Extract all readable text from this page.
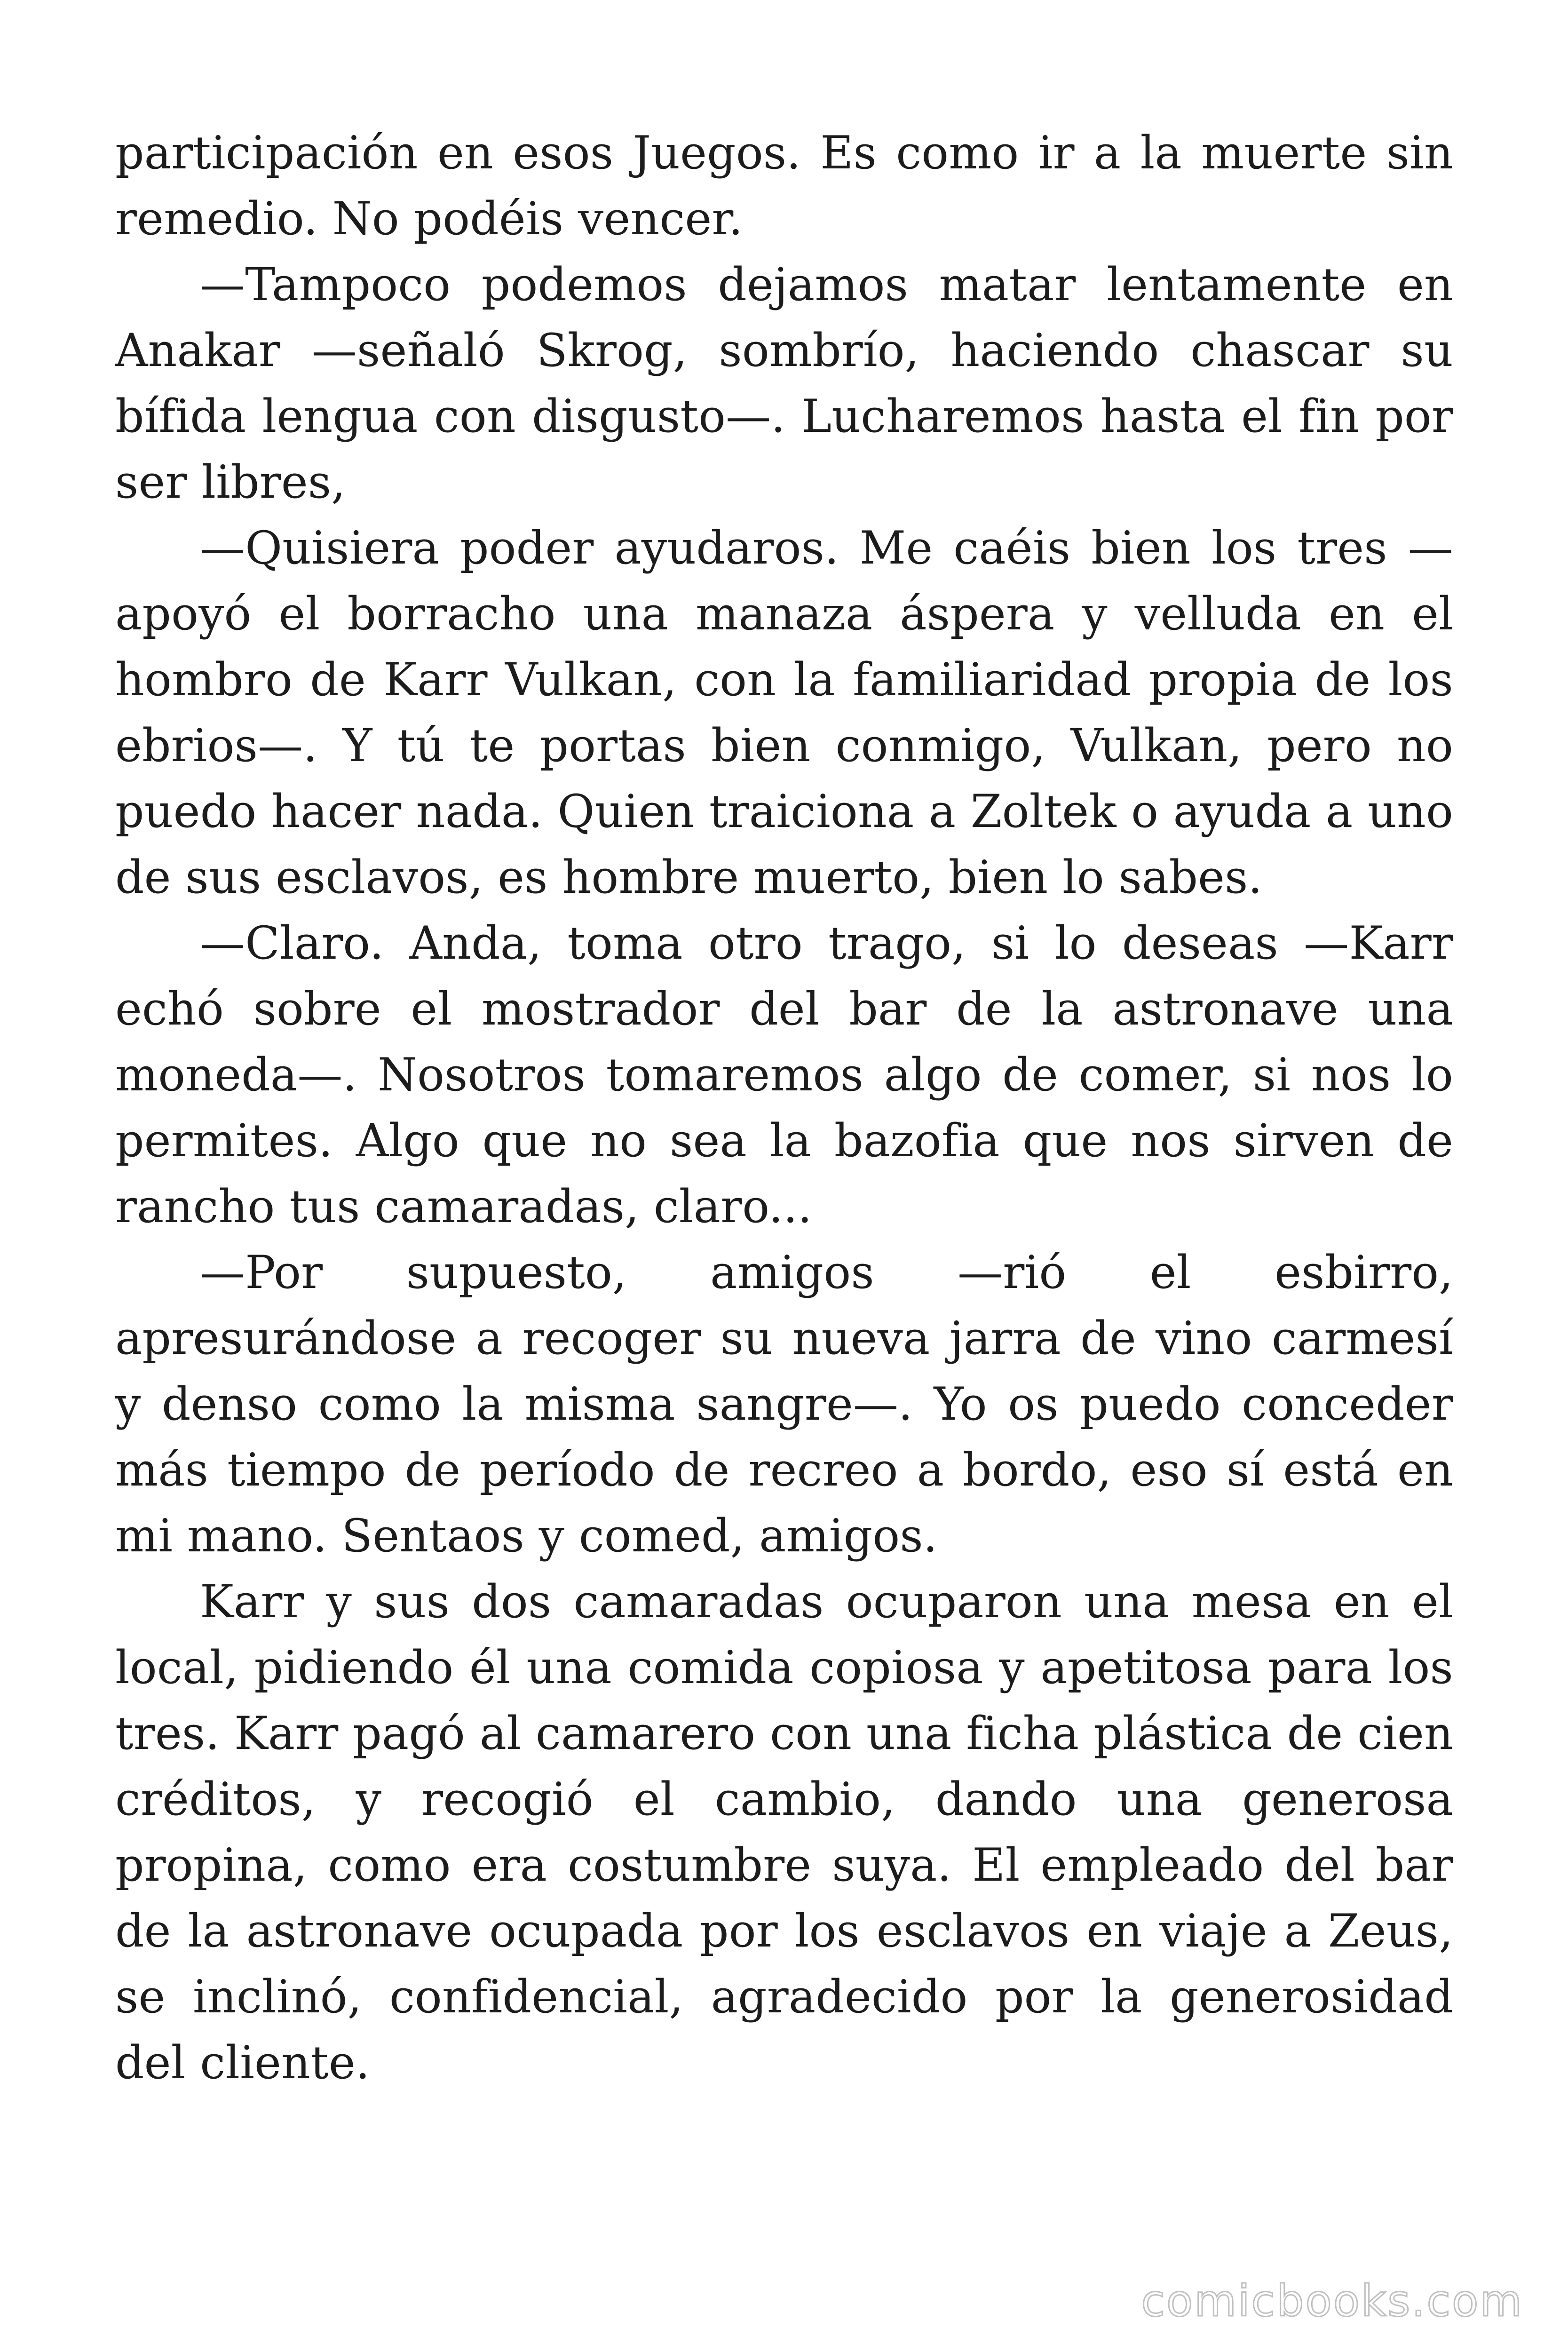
participación en esos Juegos. Es como ir a la muerte sin remedio. No podéis vencer.

—Tampoco podemos dejamos matar lentamente en Anakar —señaló Skrog, sombrío, haciendo chascar su bífida lengua con disgusto—. Lucharemos hasta el fin por ser libres,

—Quisiera poder ayudaros. Me caéis bien los tres —apoyó el borracho una manaza áspera y velluda en el hombro de Karr Vulkan, con la familiaridad propia de los ebrios—. Y tú te portas bien conmigo, Vulkan, pero no puedo hacer nada. Quien traiciona a Zoltek o ayuda a uno de sus esclavos, es hombre muerto, bien lo sabes.

—Claro. Anda, toma otro trago, si lo deseas —Karr echó sobre el mostrador del bar de la astronave una moneda—. Nosotros tomaremos algo de comer, si nos lo permites. Algo que no sea la bazofia que nos sirven de rancho tus camaradas, claro...

—Por supuesto, amigos —rió el esbirro, apresurándose a recoger su nueva jarra de vino carmesí y denso como la misma sangre—. Yo os puedo conceder más tiempo de período de recreo a bordo, eso sí está en mi mano. Sentaos y comed, amigos.

Karr y sus dos camaradas ocuparon una mesa en el local, pidiendo él una comida copiosa y apetitosa para los tres. Karr pagó al camarero con una ficha plástica de cien créditos, y recogió el cambio, dando una generosa propina, como era costumbre suya. El empleado del bar de la astronave ocupada por los esclavos en viaje a Zeus, se inclinó, confidencial, agradecido por la generosidad del cliente.

comicbooks.com
